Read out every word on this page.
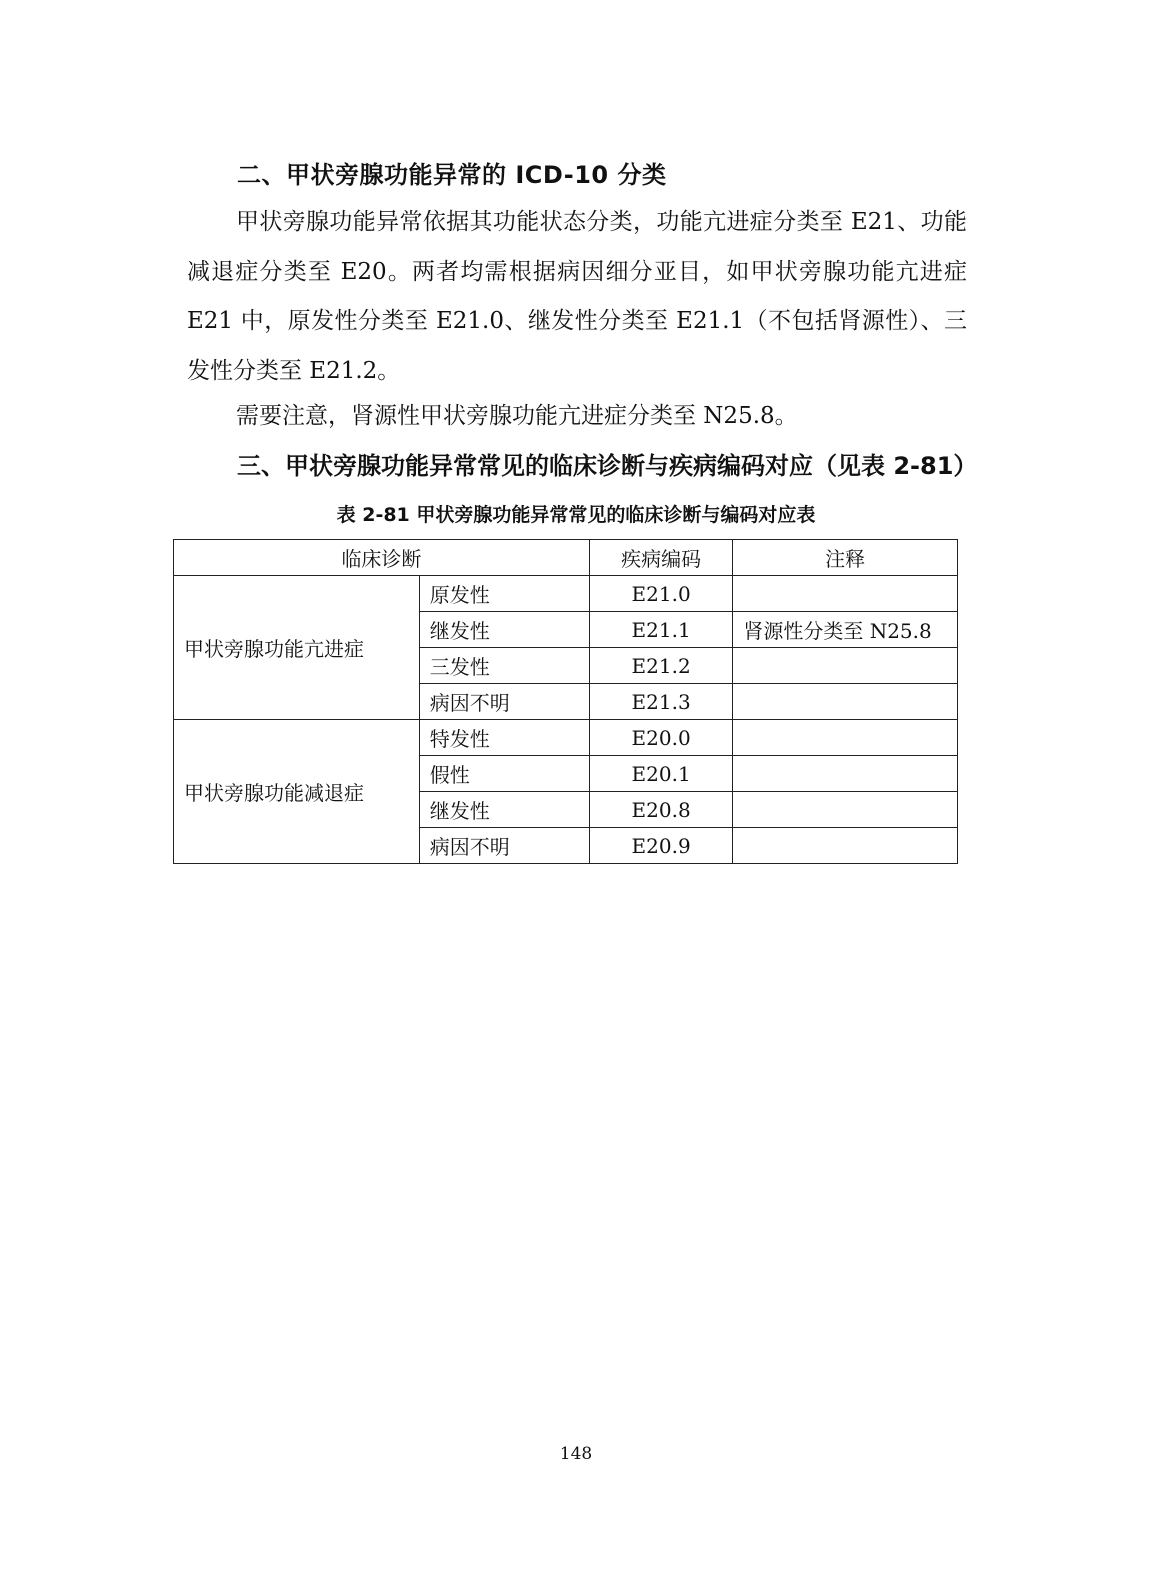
二、甲状旁腺功能异常的 ICD-10 分类
甲状旁腺功能异常依据其功能状态分类，功能亢进症分类至 E21、功能减退症分类至 E20。两者均需根据病因细分亚目，如甲状旁腺功能亢进症 E21 中，原发性分类至 E21.0、继发性分类至 E21.1（不包括肾源性）、三发性分类至 E21.2。
需要注意，肾源性甲状旁腺功能亢进症分类至 N25.8。
三、甲状旁腺功能异常常见的临床诊断与疾病编码对应（见表 2-81）
表 2-81 甲状旁腺功能异常常见的临床诊断与编码对应表
临床诊断		疾病编码	注释
甲状旁腺功能亢进症	原发性	E21.0	
	继发性	E21.1	肾源性分类至 N25.8
	三发性	E21.2	
	病因不明	E21.3	
甲状旁腺功能减退症	特发性	E20.0	
	假性	E20.1	
	继发性	E20.8	
	病因不明	E20.9	
148
